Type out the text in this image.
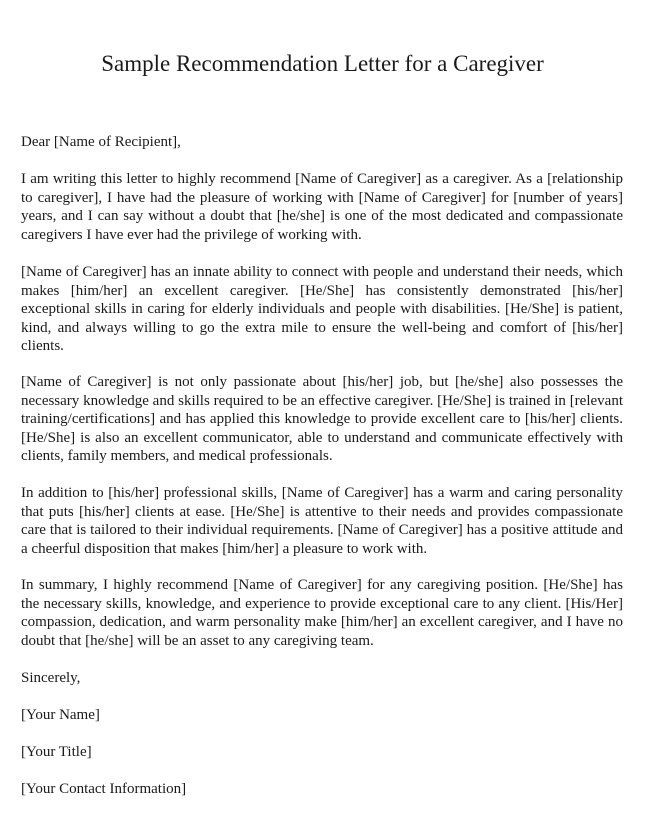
Sample Recommendation Letter for a Caregiver

Dear [Name of Recipient],

I am writing this letter to highly recommend [Name of Caregiver] as a caregiver. As a [relationship to caregiver], I have had the pleasure of working with [Name of Caregiver] for [number of years] years, and I can say without a doubt that [he/she] is one of the most dedicated and compassionate caregivers I have ever had the privilege of working with.

[Name of Caregiver] has an innate ability to connect with people and understand their needs, which makes [him/her] an excellent caregiver. [He/She] has consistently demonstrated [his/her] exceptional skills in caring for elderly individuals and people with disabilities. [He/She] is patient, kind, and always willing to go the extra mile to ensure the well-being and comfort of [his/her] clients.

[Name of Caregiver] is not only passionate about [his/her] job, but [he/she] also possesses the necessary knowledge and skills required to be an effective caregiver. [He/She] is trained in [relevant training/certifications] and has applied this knowledge to provide excellent care to [his/her] clients. [He/She] is also an excellent communicator, able to understand and communicate effectively with clients, family members, and medical professionals.

In addition to [his/her] professional skills, [Name of Caregiver] has a warm and caring personality that puts [his/her] clients at ease. [He/She] is attentive to their needs and provides compassionate care that is tailored to their individual requirements. [Name of Caregiver] has a positive attitude and a cheerful disposition that makes [him/her] a pleasure to work with.

In summary, I highly recommend [Name of Caregiver] for any caregiving position. [He/She] has the necessary skills, knowledge, and experience to provide exceptional care to any client. [His/Her] compassion, dedication, and warm personality make [him/her] an excellent caregiver, and I have no doubt that [he/she] will be an asset to any caregiving team.

Sincerely,

[Your Name]

[Your Title]

[Your Contact Information]
